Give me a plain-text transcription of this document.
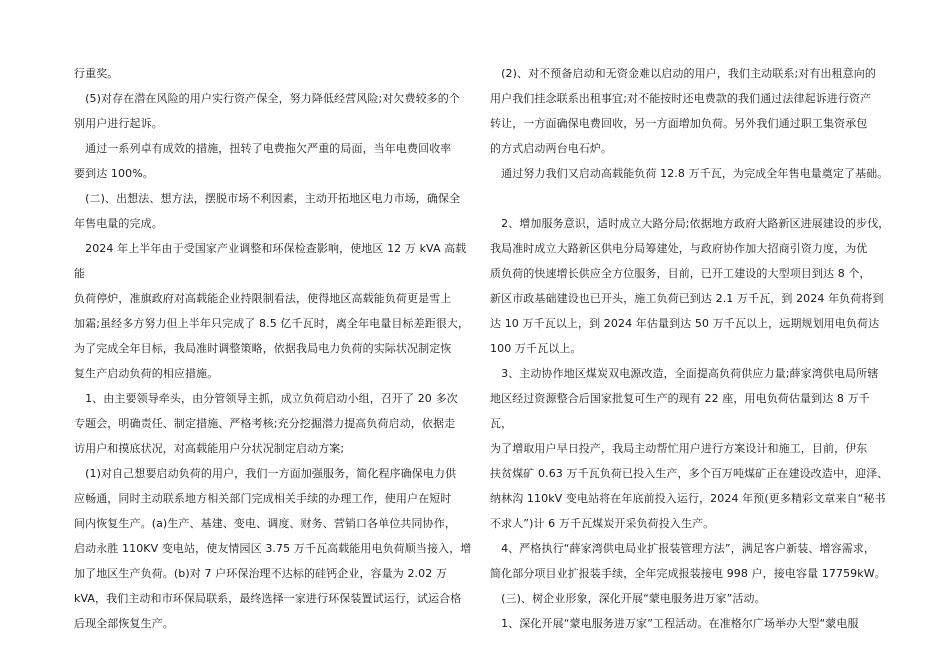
行重奖。

　(5)对存在潜在风险的用户实行资产保全，努力降低经营风险;对欠费较多的个
别用户进行起诉。

　通过一系列卓有成效的措施，扭转了电费拖欠严重的局面，当年电费回收率
要到达 100%。

　(二)、出想法、想方法，摆脱市场不利因素，主动开拓地区电力市场，确保全
年售电量的完成。

　2024 年上半年由于受国家产业调整和环保检查影响，使地区 12 万 kVA 高载能
负荷停炉，准旗政府对高载能企业持限制看法，使得地区高载能负荷更是雪上
加霜;虽经多方努力但上半年只完成了 8.5 亿千瓦时，离全年电量目标差距很大，
为了完成全年目标，我局准时调整策略，依据我局电力负荷的实际状况制定恢
复生产启动负荷的相应措施。

　1、由主要领导牵头，由分管领导主抓，成立负荷启动小组，召开了 20 多次
专题会，明确责任、制定措施、严格考核;充分挖掘潜力提高负荷启动，依据走
访用户和摸底状况，对高载能用户分状况制定启动方案;

　(1)对自己想要启动负荷的用户，我们一方面加强服务，简化程序确保电力供
应畅通，同时主动联系地方相关部门完成相关手续的办理工作，使用户在短时
间内恢复生产。(a)生产、基建、变电、调度、财务、营销口各单位共同协作，
启动永胜 110KV 变电站，使友情园区 3.75 万千瓦高载能用电负荷顺当接入，增
加了地区生产负荷。(b)对 7 户环保治理不达标的硅钙企业，容量为 2.02 万
kVA，我们主动和市环保局联系，最终选择一家进行环保装置试运行，试运合格
后现全部恢复生产。

　(2)、对不预备启动和无资金难以启动的用户，我们主动联系;对有出租意向的
用户我们挂念联系出租事宜;对不能按时还电费款的我们通过法律起诉进行资产
转让，一方面确保电费回收，另一方面增加负荷。另外我们通过职工集资承包
的方式启动两台电石炉。

　通过努力我们又启动高载能负荷 12.8 万千瓦，为完成全年售电量奠定了基础。

　2、增加服务意识，适时成立大路分局;依据地方政府大路新区进展建设的步伐，
我局准时成立大路新区供电分局筹建处，与政府协作加大招商引资力度，为优
质负荷的快速增长供应全方位服务，目前，已开工建设的大型项目到达 8 个，
新区市政基础建设也已开头，施工负荷已到达 2.1 万千瓦，到 2024 年负荷将到
达 10 万千瓦以上，到 2024 年估量到达 50 万千瓦以上，远期规划用电负荷达
100 万千瓦以上。

　3、主动协作地区煤炭双电源改造，全面提高负荷供应力量;薛家湾供电局所辖
地区经过资源整合后国家批复可生产的现有 22 座，用电负荷估量到达 8 万千瓦，
为了增取用户早日投产，我局主动帮忙用户进行方案设计和施工，目前，伊东
扶贫煤矿 0.63 万千瓦负荷已投入生产，多个百万吨煤矿正在建设改造中，迎泽、
纳林沟 110kV 变电站将在年底前投入运行，2024 年预(更多精彩文章来自“秘书
不求人”)计 6 万千瓦煤炭开采负荷投入生产。

　4、严格执行“薛家湾供电局业扩报装管理方法”，满足客户新装、增容需求，
简化部分项目业扩报装手续，全年完成报装接电 998 户，接电容量 17759kW。

　(三)、树企业形象，深化开展“蒙电服务进万家”活动。

　1、深化开展“蒙电服务进万家”工程活动。在准格尔广场举办大型“蒙电服
